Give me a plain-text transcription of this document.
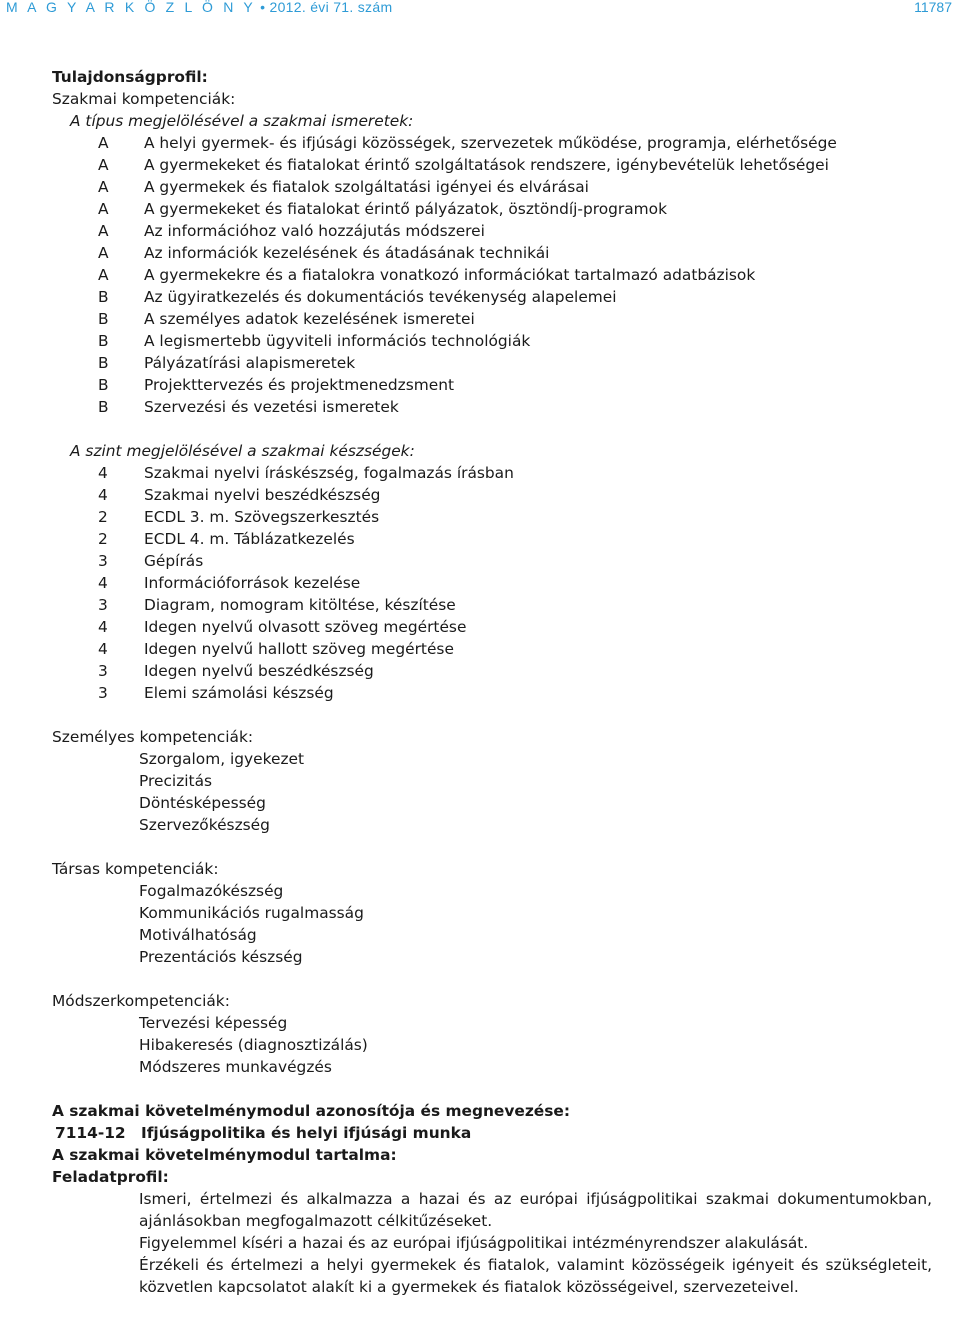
M A G Y A R K Ö Z L Ö N Y • 2012. évi 71. szám	11787
Tulajdonságprofil:
Szakmai kompetenciák:
A típus megjelölésével a szakmai ismeretek:
A	A helyi gyermek- és ifjúsági közösségek, szervezetek működése, programja, elérhetősége
A	A gyermekeket és fiatalokat érintő szolgáltatások rendszere, igénybevételük lehetőségei
A	A gyermekek és fiatalok szolgáltatási igényei és elvárásai
A	A gyermekeket és fiatalokat érintő pályázatok, ösztöndíj-programok
A	Az információhoz való hozzájutás módszerei
A	Az információk kezelésének és átadásának technikái
A	A gyermekekre és a fiatalokra vonatkozó információkat tartalmazó adatbázisok
B	Az ügyiratkezelés és dokumentációs tevékenység alapelemei
B	A személyes adatok kezelésének ismeretei
B	A legismertebb ügyviteli információs technológiák
B	Pályázatírási alapismeretek
B	Projekttervezés és projektmenedzsment
B	Szervezési és vezetési ismeretek
A szint megjelölésével a szakmai készségek:
4	Szakmai nyelvi íráskészség, fogalmazás írásban
4	Szakmai nyelvi beszédkészség
2	ECDL 3. m. Szövegszerkesztés
2	ECDL 4. m. Táblázatkezelés
3	Gépírás
4	Információforrások kezelése
3	Diagram, nomogram kitöltése, készítése
4	Idegen nyelvű olvasott szöveg megértése
4	Idegen nyelvű hallott szöveg megértése
3	Idegen nyelvű beszédkészség
3	Elemi számolási készség
Személyes kompetenciák:
Szorgalom, igyekezet
Precizitás
Döntésképesség
Szervezőkészség
Társas kompetenciák:
Fogalmazókészség
Kommunikációs rugalmasság
Motiválhatóság
Prezentációs készség
Módszerkompetenciák:
Tervezési képesség
Hibakeresés (diagnosztizálás)
Módszeres munkavégzés
A szakmai követelménymodul azonosítója és megnevezése:
7114-12 Ifjúságpolitika és helyi ifjúsági munka
A szakmai követelménymodul tartalma:
Feladatprofil:

Ismeri, értelmezi és alkalmazza a hazai és az európai ifjúságpolitikai szakmai dokumentumokban, ajánlásokban megfogalmazott célkitűzéseket.

Figyelemmel kíséri a hazai és az európai ifjúságpolitikai intézményrendszer alakulását.

Érzékeli és értelmezi a helyi gyermekek és fiatalok, valamint közösségeik igényeit és szükségleteit, közvetlen kapcsolatot alakít ki a gyermekek és fiatalok közösségeivel, szervezeteivel.
